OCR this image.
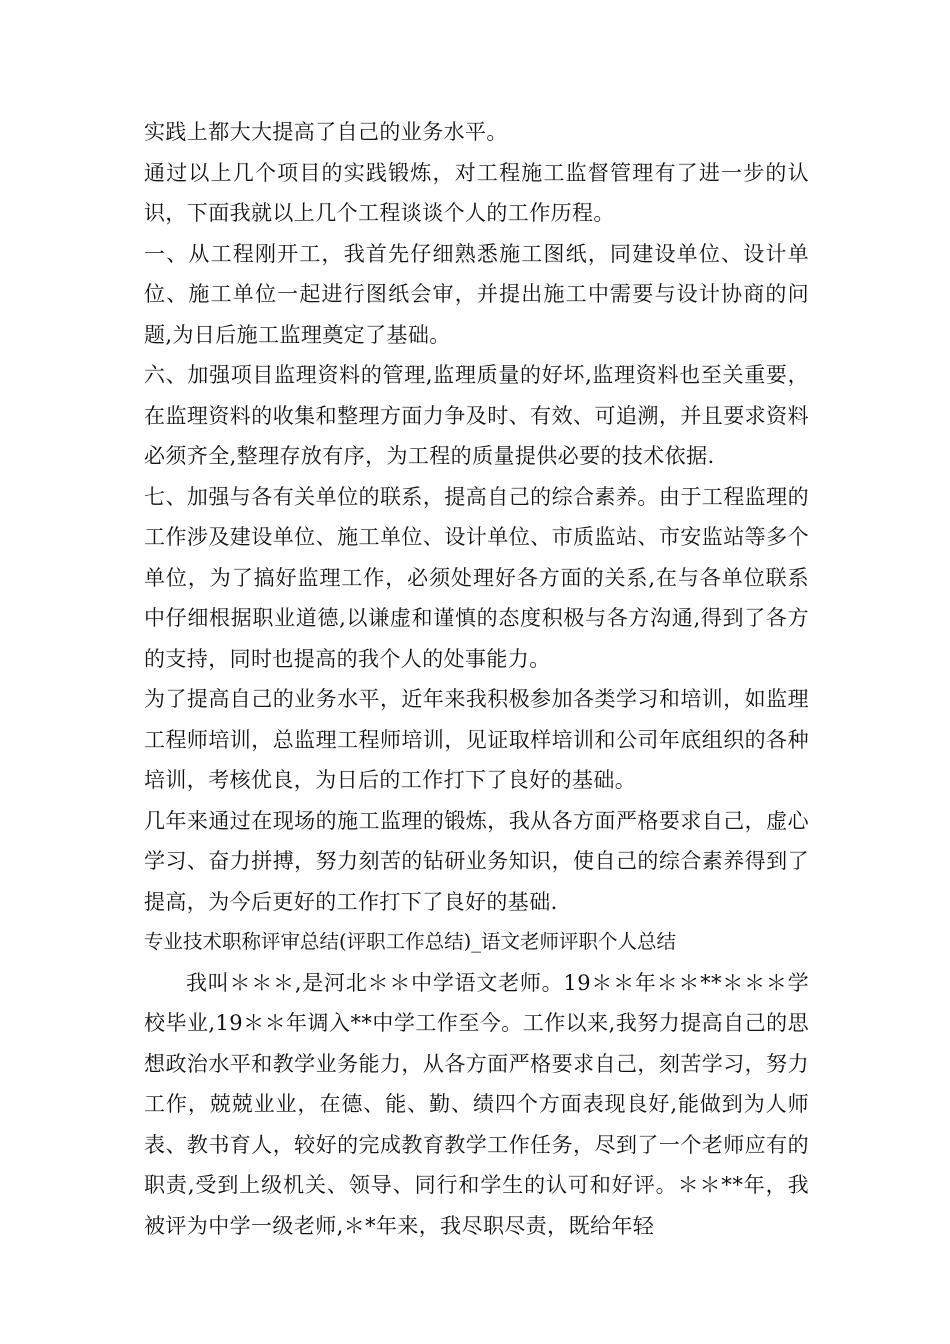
实践上都大大提高了自己的业务水平。

通过以上几个项目的实践锻炼，对工程施工监督管理有了进一步的认识，下面我就以上几个工程谈谈个人的工作历程。

一、从工程刚开工，我首先仔细熟悉施工图纸，同建设单位、设计单位、施工单位一起进行图纸会审，并提出施工中需要与设计协商的问题,为日后施工监理奠定了基础。

六、加强项目监理资料的管理,监理质量的好坏,监理资料也至关重要，在监理资料的收集和整理方面力争及时、有效、可追溯，并且要求资料必须齐全,整理存放有序，为工程的质量提供必要的技术依据.

七、加强与各有关单位的联系，提高自己的综合素养。由于工程监理的工作涉及建设单位、施工单位、设计单位、市质监站、市安监站等多个单位，为了搞好监理工作，必须处理好各方面的关系,在与各单位联系中仔细根据职业道德,以谦虚和谨慎的态度积极与各方沟通,得到了各方的支持，同时也提高的我个人的处事能力。

为了提高自己的业务水平，近年来我积极参加各类学习和培训，如监理工程师培训，总监理工程师培训，见证取样培训和公司年底组织的各种培训，考核优良，为日后的工作打下了良好的基础。

几年来通过在现场的施工监理的锻炼，我从各方面严格要求自己，虚心学习、奋力拼搏，努力刻苦的钻研业务知识，使自己的综合素养得到了提高，为今后更好的工作打下了良好的基础.

专业技术职称评审总结(评职工作总结)_语文老师评职个人总结

我叫＊＊＊,是河北＊＊中学语文老师。19＊＊年＊＊**＊＊＊学校毕业,19＊＊年调入**中学工作至今。工作以来,我努力提高自己的思想政治水平和教学业务能力，从各方面严格要求自己，刻苦学习，努力工作，兢兢业业，在德、能、勤、绩四个方面表现良好,能做到为人师表、教书育人，较好的完成教育教学工作任务，尽到了一个老师应有的职责,受到上级机关、领导、同行和学生的认可和好评。＊＊**年，我被评为中学一级老师,＊*年来，我尽职尽责，既给年轻
